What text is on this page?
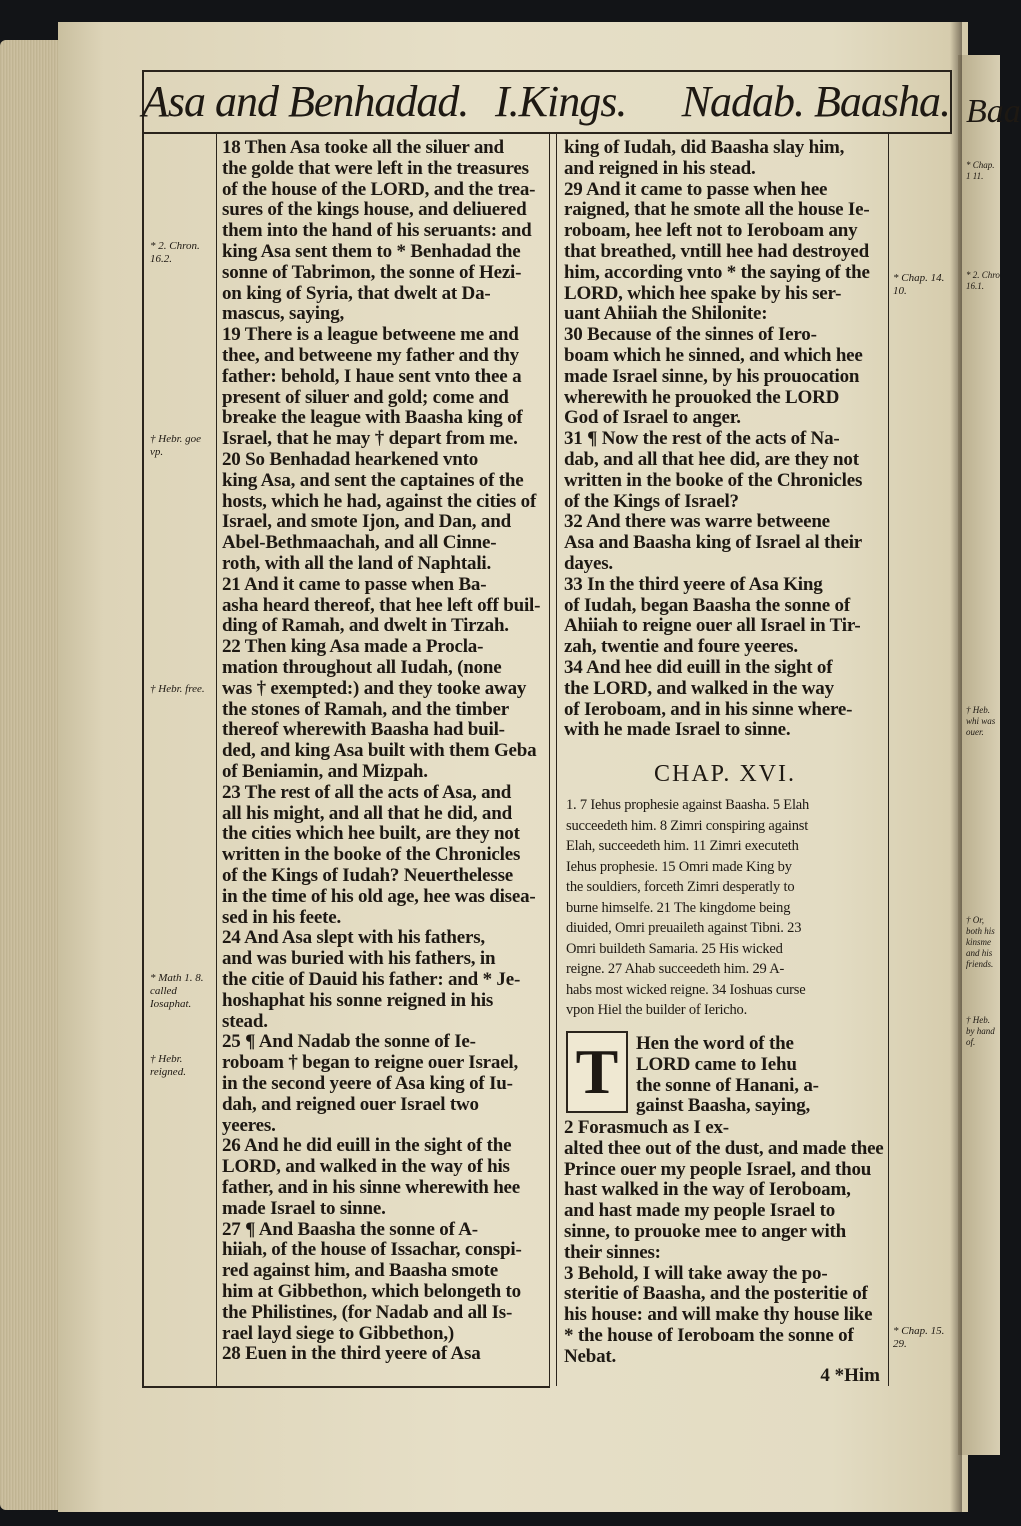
Baa
* Chap. 1 11.
* 2. Chro 16.1.
† Heb. whi was ouer.
† Or, both his kinsme and his friends.
† Heb. by hand of.
Asa and Benhadad. I.Kings. Nadab. Baasha.
* 2. Chron. 16.2.
† Hebr. goe vp.
† Hebr. free.
* Math 1. 8. called Iosaphat.
† Hebr. reigned.
* Chap. 14. 10.
* Chap. 15. 29.
18 Then Asa tooke all the siluer and
the golde that were left in the treasures
of the house of the LORD, and the trea-
sures of the kings house, and deliuered
them into the hand of his seruants: and
king Asa sent them to * Benhadad the
sonne of Tabrimon, the sonne of Hezi-
on king of Syria, that dwelt at Da-
mascus, saying,
19 There is a league betweene me and
thee, and betweene my father and thy
father: behold, I haue sent vnto thee a
present of siluer and gold; come and
breake the league with Baasha king of
Israel, that he may † depart from me.
20 So Benhadad hearkened vnto
king Asa, and sent the captaines of the
hosts, which he had, against the cities of
Israel, and smote Ijon, and Dan, and
Abel-Bethmaachah, and all Cinne-
roth, with all the land of Naphtali.
21 And it came to passe when Ba-
asha heard thereof, that hee left off buil-
ding of Ramah, and dwelt in Tirzah.
22 Then king Asa made a Procla-
mation throughout all Iudah, (none
was † exempted:) and they tooke away
the stones of Ramah, and the timber
thereof wherewith Baasha had buil-
ded, and king Asa built with them Geba
of Beniamin, and Mizpah.
23 The rest of all the acts of Asa, and
all his might, and all that he did, and
the cities which hee built, are they not
written in the booke of the Chronicles
of the Kings of Iudah? Neuerthelesse
in the time of his old age, hee was disea-
sed in his feete.
24 And Asa slept with his fathers,
and was buried with his fathers, in
the citie of Dauid his father: and * Je-
hoshaphat his sonne reigned in his
stead.
25 ¶ And Nadab the sonne of Ie-
roboam † began to reigne ouer Israel,
in the second yeere of Asa king of Iu-
dah, and reigned ouer Israel two
yeeres.
26 And he did euill in the sight of the
LORD, and walked in the way of his
father, and in his sinne wherewith hee
made Israel to sinne.
27 ¶ And Baasha the sonne of A-
hiiah, of the house of Issachar, conspi-
red against him, and Baasha smote
him at Gibbethon, which belongeth to
the Philistines, (for Nadab and all Is-
rael layd siege to Gibbethon,)
28 Euen in the third yeere of Asa
king of Iudah, did Baasha slay him,
and reigned in his stead.
29 And it came to passe when hee
raigned, that he smote all the house Ie-
roboam, hee left not to Ieroboam any
that breathed, vntill hee had destroyed
him, according vnto * the saying of the
LORD, which hee spake by his ser-
uant Ahiiah the Shilonite:
30 Because of the sinnes of Iero-
boam which he sinned, and which hee
made Israel sinne, by his prouocation
wherewith he prouoked the LORD
God of Israel to anger.
31 ¶ Now the rest of the acts of Na-
dab, and all that hee did, are they not
written in the booke of the Chronicles
of the Kings of Israel?
32 And there was warre betweene
Asa and Baasha king of Israel al their
dayes.
33 In the third yeere of Asa King
of Iudah, began Baasha the sonne of
Ahiiah to reigne ouer all Israel in Tir-
zah, twentie and foure yeeres.
34 And hee did euill in the sight of
the LORD, and walked in the way
of Ieroboam, and in his sinne where-
with he made Israel to sinne.
CHAP. XVI.
1. 7 Iehus prophesie against Baasha. 5 Elah
succeedeth him. 8 Zimri conspiring against
Elah, succeedeth him. 11 Zimri executeth
Iehus prophesie. 15 Omri made King by
the souldiers, forceth Zimri desperatly to
burne himselfe. 21 The kingdome being
diuided, Omri preuaileth against Tibni. 23
Omri buildeth Samaria. 25 His wicked
reigne. 27 Ahab succeedeth him. 29 A-
habs most wicked reigne. 34 Ioshuas curse
vpon Hiel the builder of Iericho.
T Hen the word of the
LORD came to Iehu
the sonne of Hanani, a-
gainst Baasha, saying,
2 Forasmuch as I ex-
alted thee out of the dust, and made thee
Prince ouer my people Israel, and thou
hast walked in the way of Ieroboam,
and hast made my people Israel to
sinne, to prouoke mee to anger with
their sinnes:
3 Behold, I will take away the po-
steritie of Baasha, and the posteritie of
his house: and will make thy house like
* the house of Ieroboam the sonne of
Nebat.
4 *Him
